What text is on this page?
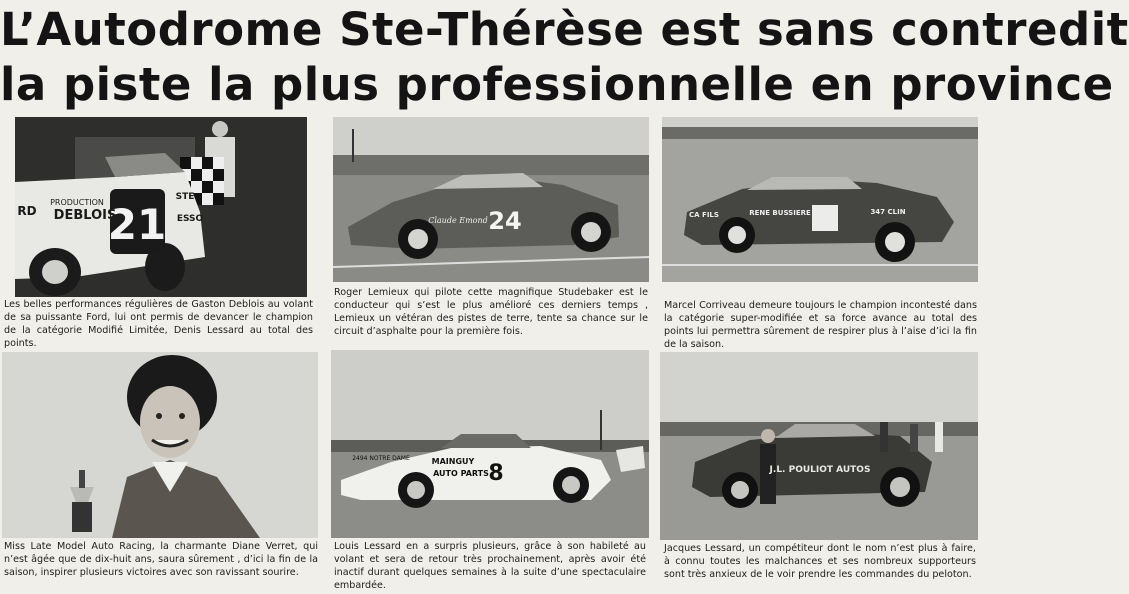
L’Autodrome Ste-Thérèse est sans contredit
la piste la plus professionnelle en province
21
DEBLOIS
PRODUCTION
RD
STE
ESSO	24
Claude Emond
RENE BUSSIERE	347 CLIN
CA FILS
8
MAINGUY
AUTO PARTS
2494 NOTRE DAME
J.L. POULIOT AUTOS
Les belles performances régulières de Gaston Deblois au volant de sa puissante Ford, lui ont permis de devancer le champion de la catégorie Modifié Limitée, Denis Lessard au total des points.
Roger Lemieux qui pilote cette magnifique Studebaker est le conducteur qui s’est le plus amélioré ces derniers temps , Lemieux un vétéran des pistes de terre, tente sa chance sur le circuit d’asphalte pour la première fois.
Marcel Corriveau demeure toujours le champion incontesté dans la catégorie super-modifiée et sa force avance au total des points lui permettra sûrement de respirer plus à l’aise d’ici la fin de la saison.
Miss Late Model Auto Racing, la charmante Diane Verret, qui n’est âgée que de dix-huit ans, saura sûrement , d’ici la fin de la saison, inspirer plusieurs victoires avec son ravissant sourire.
Louis Lessard en a surpris plusieurs, grâce à son habileté au volant et sera de retour très prochainement, après avoir été inactif durant quelques semaines à la suite d’une spectaculaire embardée.
Jacques Lessard, un compétiteur dont le nom n’est plus à faire, à connu toutes les malchances et ses nombreux supporteurs sont très anxieux de le voir prendre les commandes du peloton.
